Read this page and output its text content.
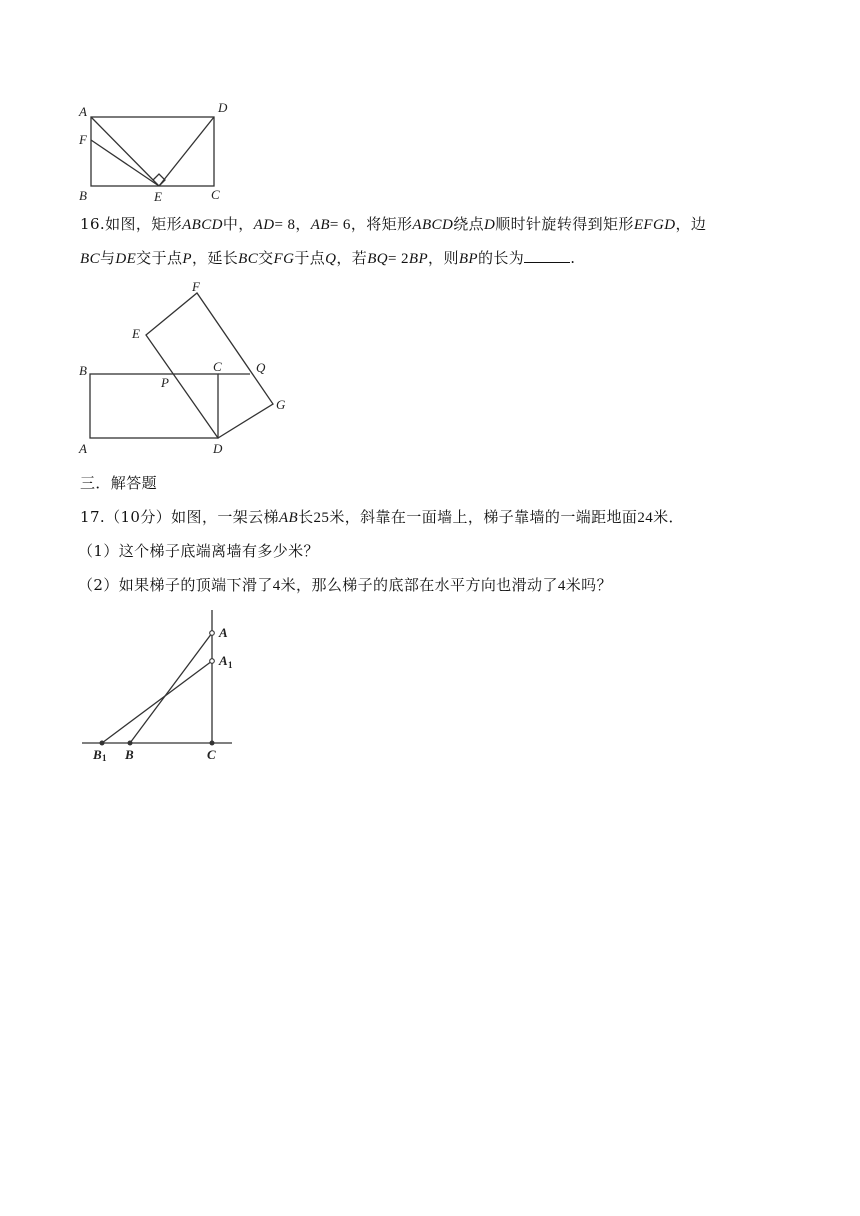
A	D
F
B	E	C
16.如图，矩形ABCD中，AD= 8，AB= 6，将矩形ABCD绕点D顺时针旋转得到矩形EFGD，边
BC与DE交于点P，延长BC交FG于点Q，若BQ= 2BP，则BP的长为	.
F
E
B	C	Q
P
G
A	D
三．解答题
17.（10分）如图，一架云梯AB长25米，斜靠在一面墙上，梯子靠墙的一端距地面24米．
（1）这个梯子底端离墙有多少米？
（2）如果梯子的顶端下滑了4米，那么梯子的底部在水平方向也滑动了4米吗？
A
A 1
B 1 B	C
